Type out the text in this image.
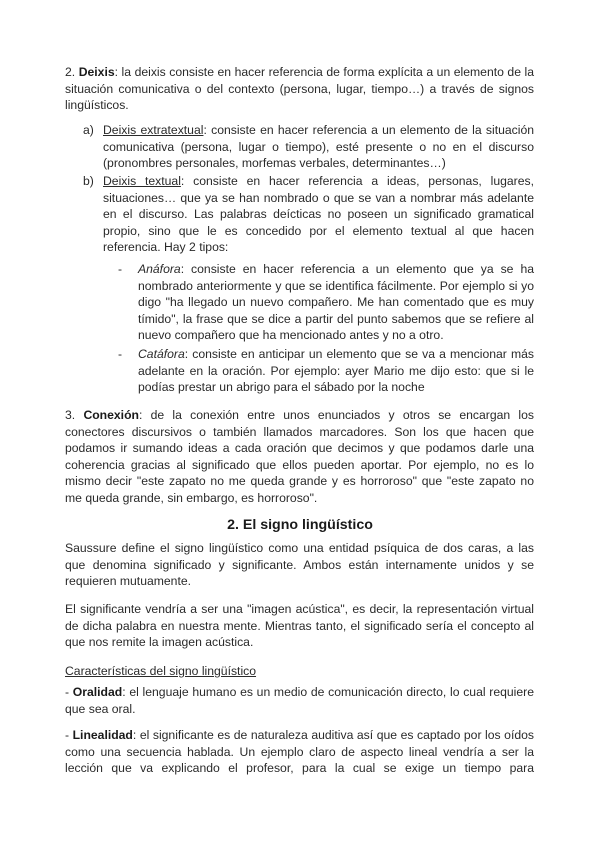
2. Deixis: la deixis consiste en hacer referencia de forma explícita a un elemento de la situación comunicativa o del contexto (persona, lugar, tiempo…) a través de signos lingüísticos.

a) Deixis extratextual: consiste en hacer referencia a un elemento de la situación comunicativa (persona, lugar o tiempo), esté presente o no en el discurso (pronombres personales, morfemas verbales, determinantes…)

b) Deixis textual: consiste en hacer referencia a ideas, personas, lugares, situaciones… que ya se han nombrado o que se van a nombrar más adelante en el discurso. Las palabras deícticas no poseen un significado gramatical propio, sino que le es concedido por el elemento textual al que hacen referencia. Hay 2 tipos:

-	Anáfora: consiste en hacer referencia a un elemento que ya se ha nombrado anteriormente y que se identifica fácilmente. Por ejemplo si yo digo "ha llegado un nuevo compañero. Me han comentado que es muy tímido", la frase que se dice a partir del punto sabemos que se refiere al nuevo compañero que ha mencionado antes y no a otro.

-	Catáfora: consiste en anticipar un elemento que se va a mencionar más adelante en la oración. Por ejemplo: ayer Mario me dijo esto: que si le podías prestar un abrigo para el sábado por la noche

3. Conexión: de la conexión entre unos enunciados y otros se encargan los conectores discursivos o también llamados marcadores. Son los que hacen que podamos ir sumando ideas a cada oración que decimos y que podamos darle una coherencia gracias al significado que ellos pueden aportar. Por ejemplo, no es lo mismo decir "este zapato no me queda grande y es horroroso" que "este zapato no me queda grande, sin embargo, es horroroso".

2. El signo lingüístico

Saussure define el signo lingüístico como una entidad psíquica de dos caras, a las que denomina significado y significante. Ambos están internamente unidos y se requieren mutuamente.

El significante vendría a ser una "imagen acústica", es decir, la representación virtual de dicha palabra en nuestra mente. Mientras tanto, el significado sería el concepto al que nos remite la imagen acústica.

Características del signo lingüístico

- Oralidad: el lenguaje humano es un medio de comunicación directo, lo cual requiere que sea oral.

- Linealidad: el significante es de naturaleza auditiva así que es captado por los oídos como una secuencia hablada. Un ejemplo claro de aspecto lineal vendría a ser la lección que va explicando el profesor, para la cual se exige un tiempo para
